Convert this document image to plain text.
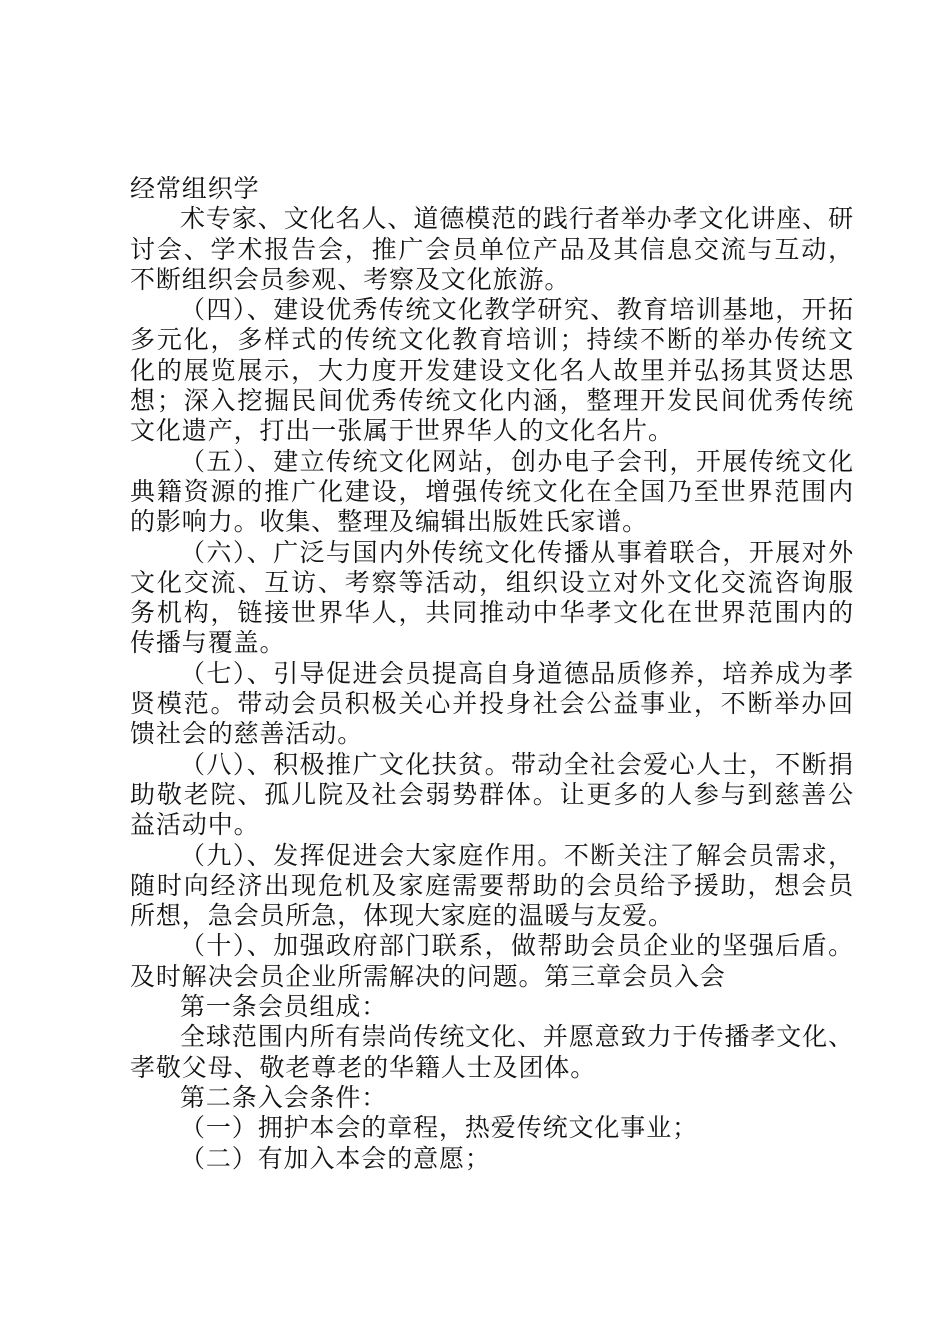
经常组织学

术专家、文化名人、道德模范的践行者举办孝文化讲座、研讨会、学术报告会，推广会员单位产品及其信息交流与互动，不断组织会员参观、考察及文化旅游。

（四）、建设优秀传统文化教学研究、教育培训基地，开拓多元化，多样式的传统文化教育培训；持续不断的举办传统文化的展览展示，大力度开发建设文化名人故里并弘扬其贤达思想；深入挖掘民间优秀传统文化内涵，整理开发民间优秀传统文化遗产，打出一张属于世界华人的文化名片。

（五）、建立传统文化网站，创办电子会刊，开展传统文化典籍资源的推广化建设，增强传统文化在全国乃至世界范围内的影响力。收集、整理及编辑出版姓氏家谱。

（六）、广泛与国内外传统文化传播从事着联合，开展对外文化交流、互访、考察等活动，组织设立对外文化交流咨询服务机构，链接世界华人，共同推动中华孝文化在世界范围内的传播与覆盖。

（七）、引导促进会员提高自身道德品质修养，培养成为孝贤模范。带动会员积极关心并投身社会公益事业，不断举办回馈社会的慈善活动。

（八）、积极推广文化扶贫。带动全社会爱心人士，不断捐助敬老院、孤儿院及社会弱势群体。让更多的人参与到慈善公益活动中。

（九）、发挥促进会大家庭作用。不断关注了解会员需求，随时向经济出现危机及家庭需要帮助的会员给予援助，想会员所想，急会员所急，体现大家庭的温暖与友爱。

（十）、加强政府部门联系，做帮助会员企业的坚强后盾。及时解决会员企业所需解决的问题。第三章会员入会

第一条会员组成：

全球范围内所有崇尚传统文化、并愿意致力于传播孝文化、孝敬父母、敬老尊老的华籍人士及团体。

第二条入会条件：

（一）拥护本会的章程，热爱传统文化事业；

（二）有加入本会的意愿；
